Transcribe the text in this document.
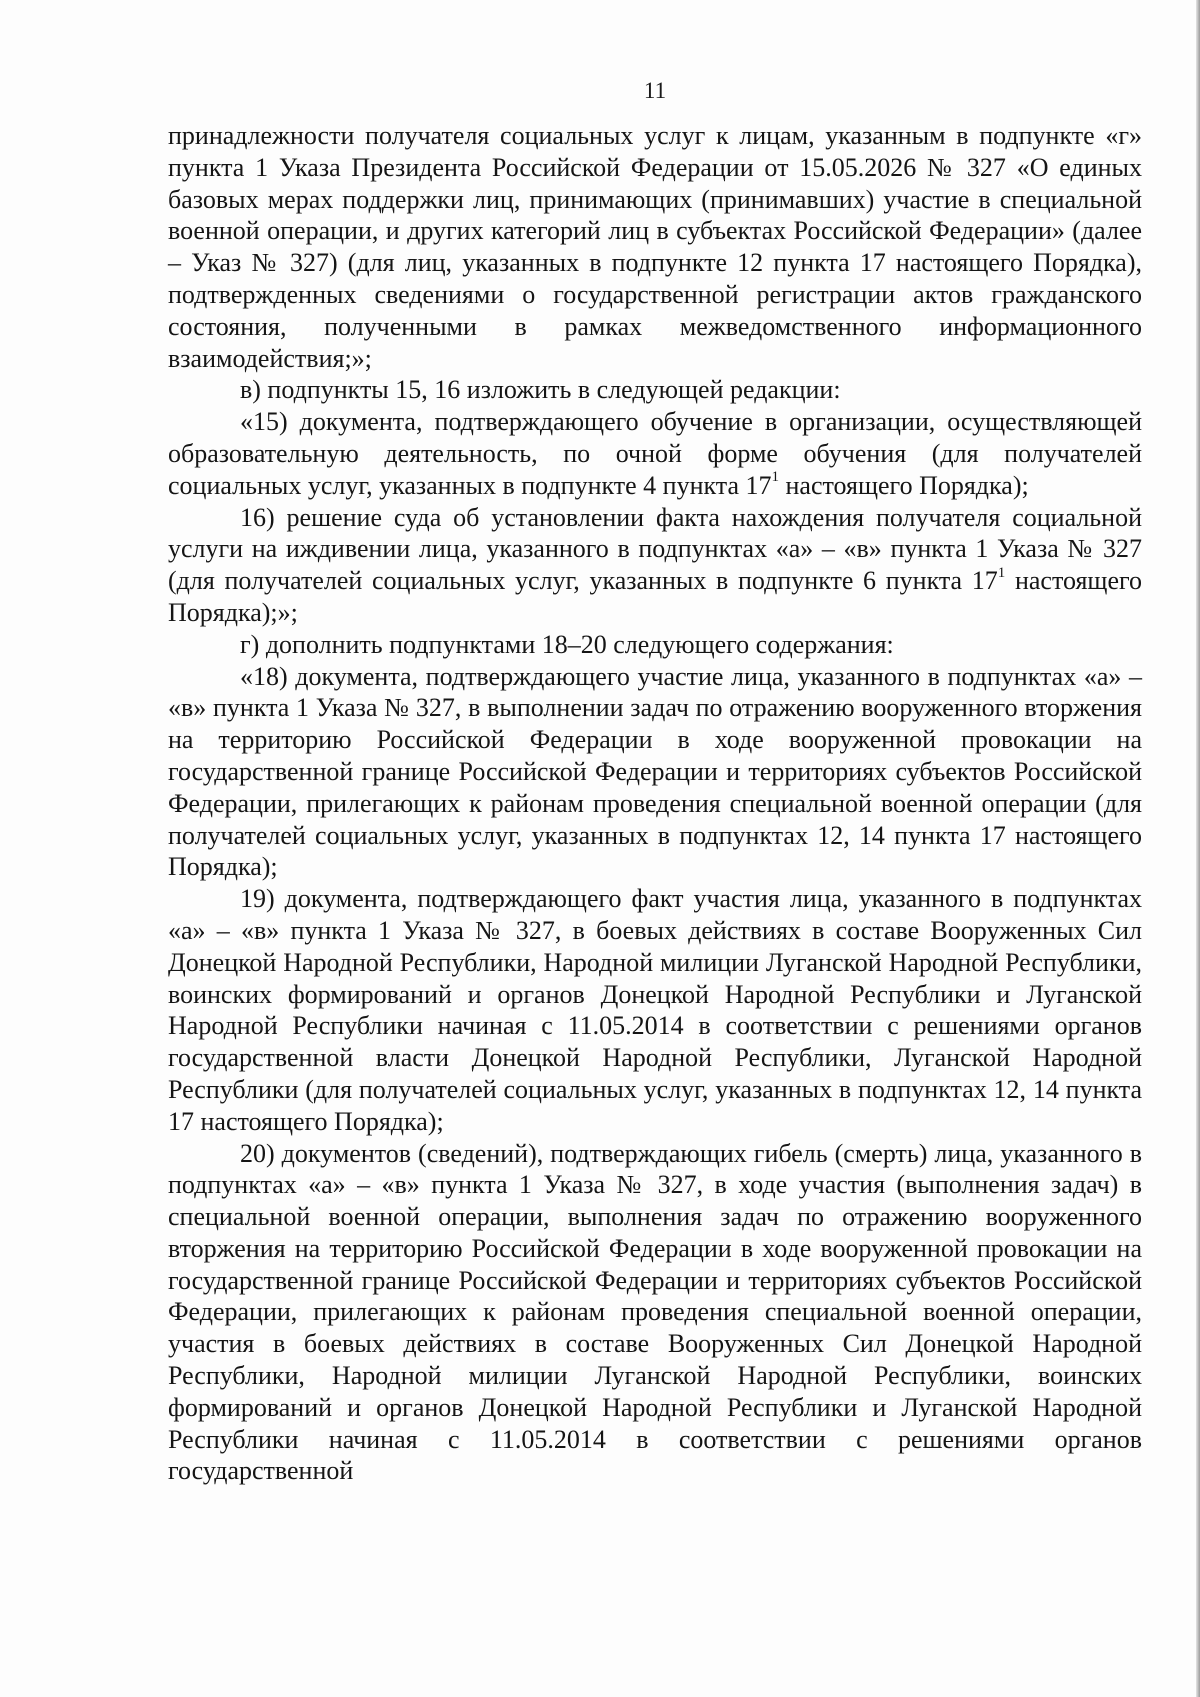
11

принадлежности получателя социальных услуг к лицам, указанным в подпункте «г» пункта 1 Указа Президента Российской Федерации от 15.05.2026 № 327 «О единых базовых мерах поддержки лиц, принимающих (принимавших) участие в специальной военной операции, и других категорий лиц в субъектах Российской Федерации» (далее – Указ № 327) (для лиц, указанных в подпункте 12 пункта 17 настоящего Порядка), подтвержденных сведениями о государственной регистрации актов гражданского состояния, полученными в рамках межведомственного информационного взаимодействия;»;

в) подпункты 15, 16 изложить в следующей редакции:

«15) документа, подтверждающего обучение в организации, осуществляющей образовательную деятельность, по очной форме обучения (для получателей социальных услуг, указанных в подпункте 4 пункта $17^1$ настоящего Порядка);

16) решение суда об установлении факта нахождения получателя социальной услуги на иждивении лица, указанного в подпунктах «а» – «в» пункта 1 Указа № 327 (для получателей социальных услуг, указанных в подпункте 6 пункта $17^1$ настоящего Порядка);»;

г) дополнить подпунктами 18–20 следующего содержания:

«18) документа, подтверждающего участие лица, указанного в подпунктах «а» – «в» пункта 1 Указа № 327, в выполнении задач по отражению вооруженного вторжения на территорию Российской Федерации в ходе вооруженной провокации на государственной границе Российской Федерации и территориях субъектов Российской Федерации, прилегающих к районам проведения специальной военной операции (для получателей социальных услуг, указанных в подпунктах 12, 14 пункта 17 настоящего Порядка);

19) документа, подтверждающего факт участия лица, указанного в подпунктах «а» – «в» пункта 1 Указа № 327, в боевых действиях в составе Вооруженных Сил Донецкой Народной Республики, Народной милиции Луганской Народной Республики, воинских формирований и органов Донецкой Народной Республики и Луганской Народной Республики начиная с 11.05.2014 в соответствии с решениями органов государственной власти Донецкой Народной Республики, Луганской Народной Республики (для получателей социальных услуг, указанных в подпунктах 12, 14 пункта 17 настоящего Порядка);

20) документов (сведений), подтверждающих гибель (смерть) лица, указанного в подпунктах «а» – «в» пункта 1 Указа № 327, в ходе участия (выполнения задач) в специальной военной операции, выполнения задач по отражению вооруженного вторжения на территорию Российской Федерации в ходе вооруженной провокации на государственной границе Российской Федерации и территориях субъектов Российской Федерации, прилегающих к районам проведения специальной военной операции, участия в боевых действиях в составе Вооруженных Сил Донецкой Народной Республики, Народной милиции Луганской Народной Республики, воинских формирований и органов Донецкой Народной Республики и Луганской Народной Республики начиная с 11.05.2014 в соответствии с решениями органов государственной
